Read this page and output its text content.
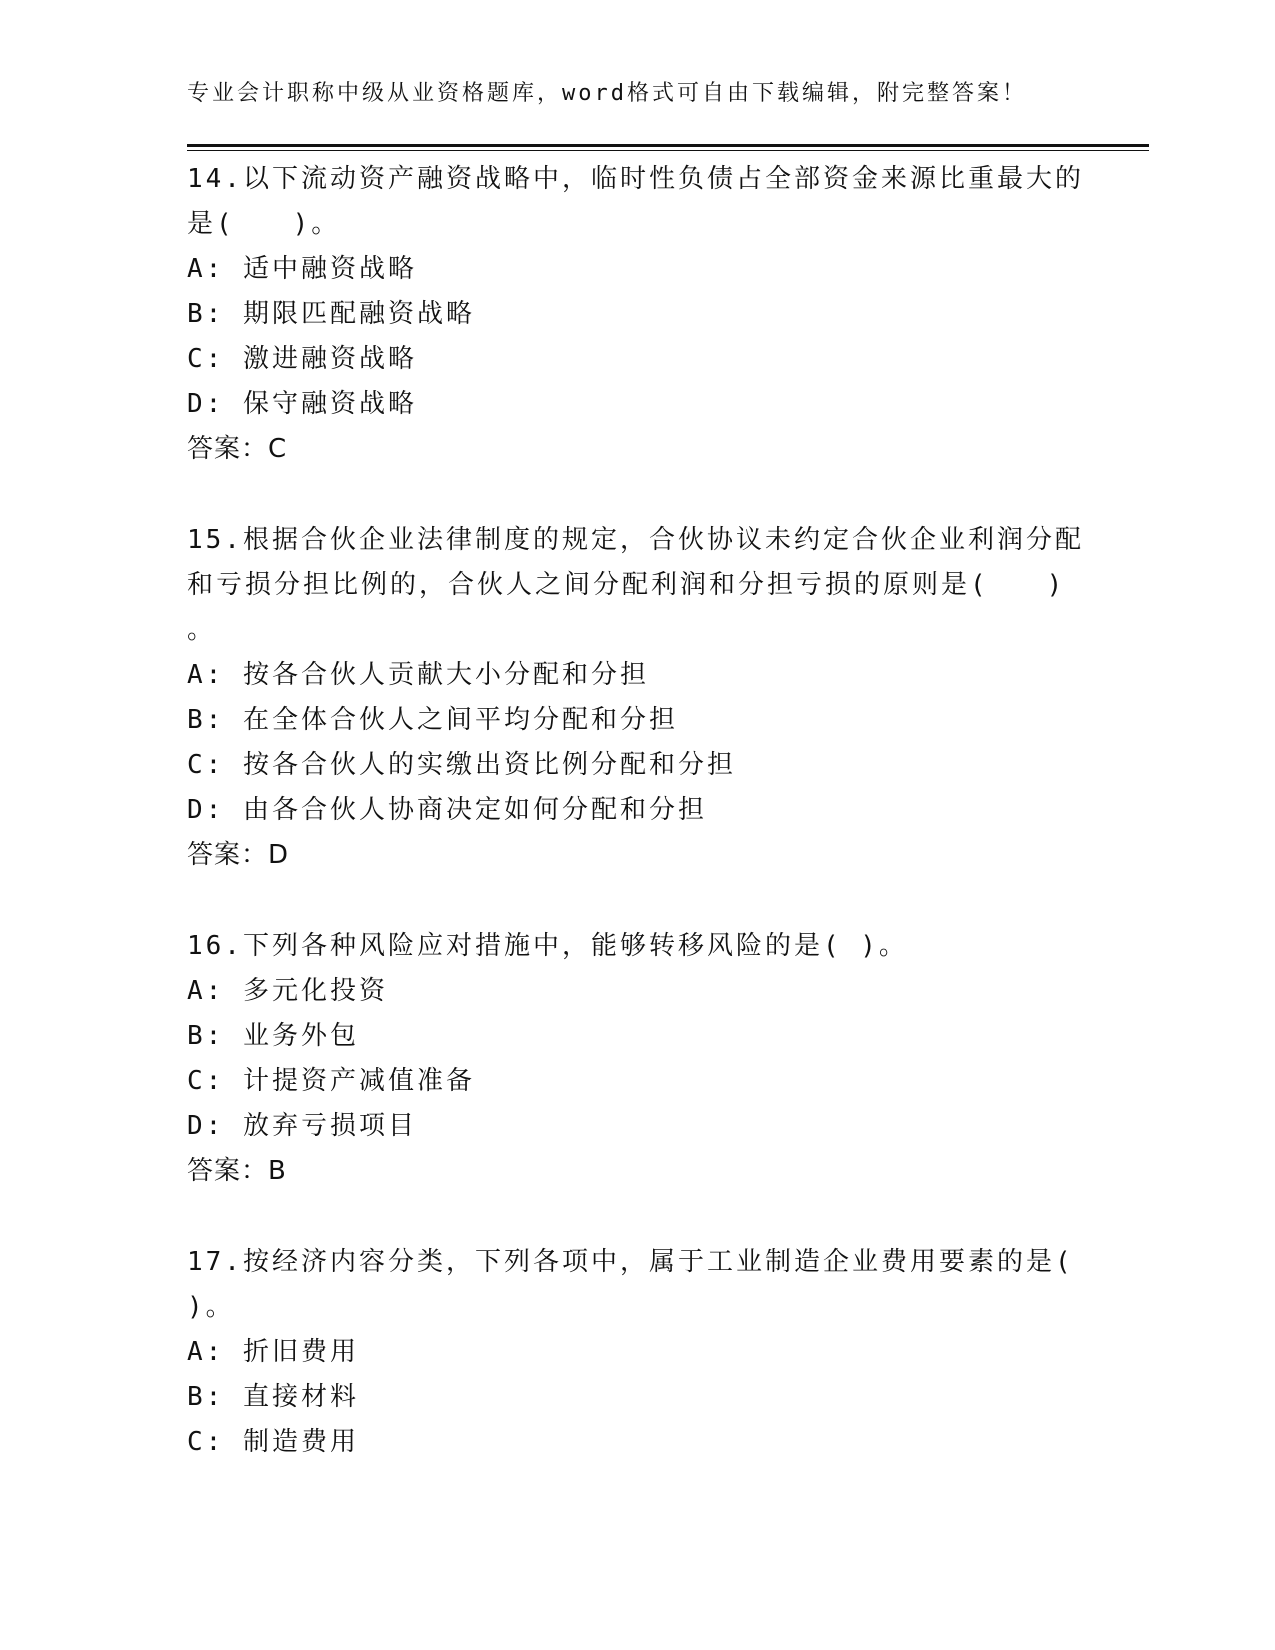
专业会计职称中级从业资格题库，word格式可自由下载编辑，附完整答案！

14.以下流动资产融资战略中，临时性负债占全部资金来源比重最大的

是(　　)。

A: 适中融资战略

B: 期限匹配融资战略

C: 激进融资战略

D: 保守融资战略

答案：C

15.根据合伙企业法律制度的规定，合伙协议未约定合伙企业利润分配

和亏损分担比例的，合伙人之间分配利润和分担亏损的原则是(　　)

。

A: 按各合伙人贡献大小分配和分担

B: 在全体合伙人之间平均分配和分担

C: 按各合伙人的实缴出资比例分配和分担

D: 由各合伙人协商决定如何分配和分担

答案：D

16.下列各种风险应对措施中，能够转移风险的是( )。

A: 多元化投资

B: 业务外包

C: 计提资产减值准备

D: 放弃亏损项目

答案：B

17.按经济内容分类，下列各项中，属于工业制造企业费用要素的是(

)。

A: 折旧费用

B: 直接材料

C: 制造费用
